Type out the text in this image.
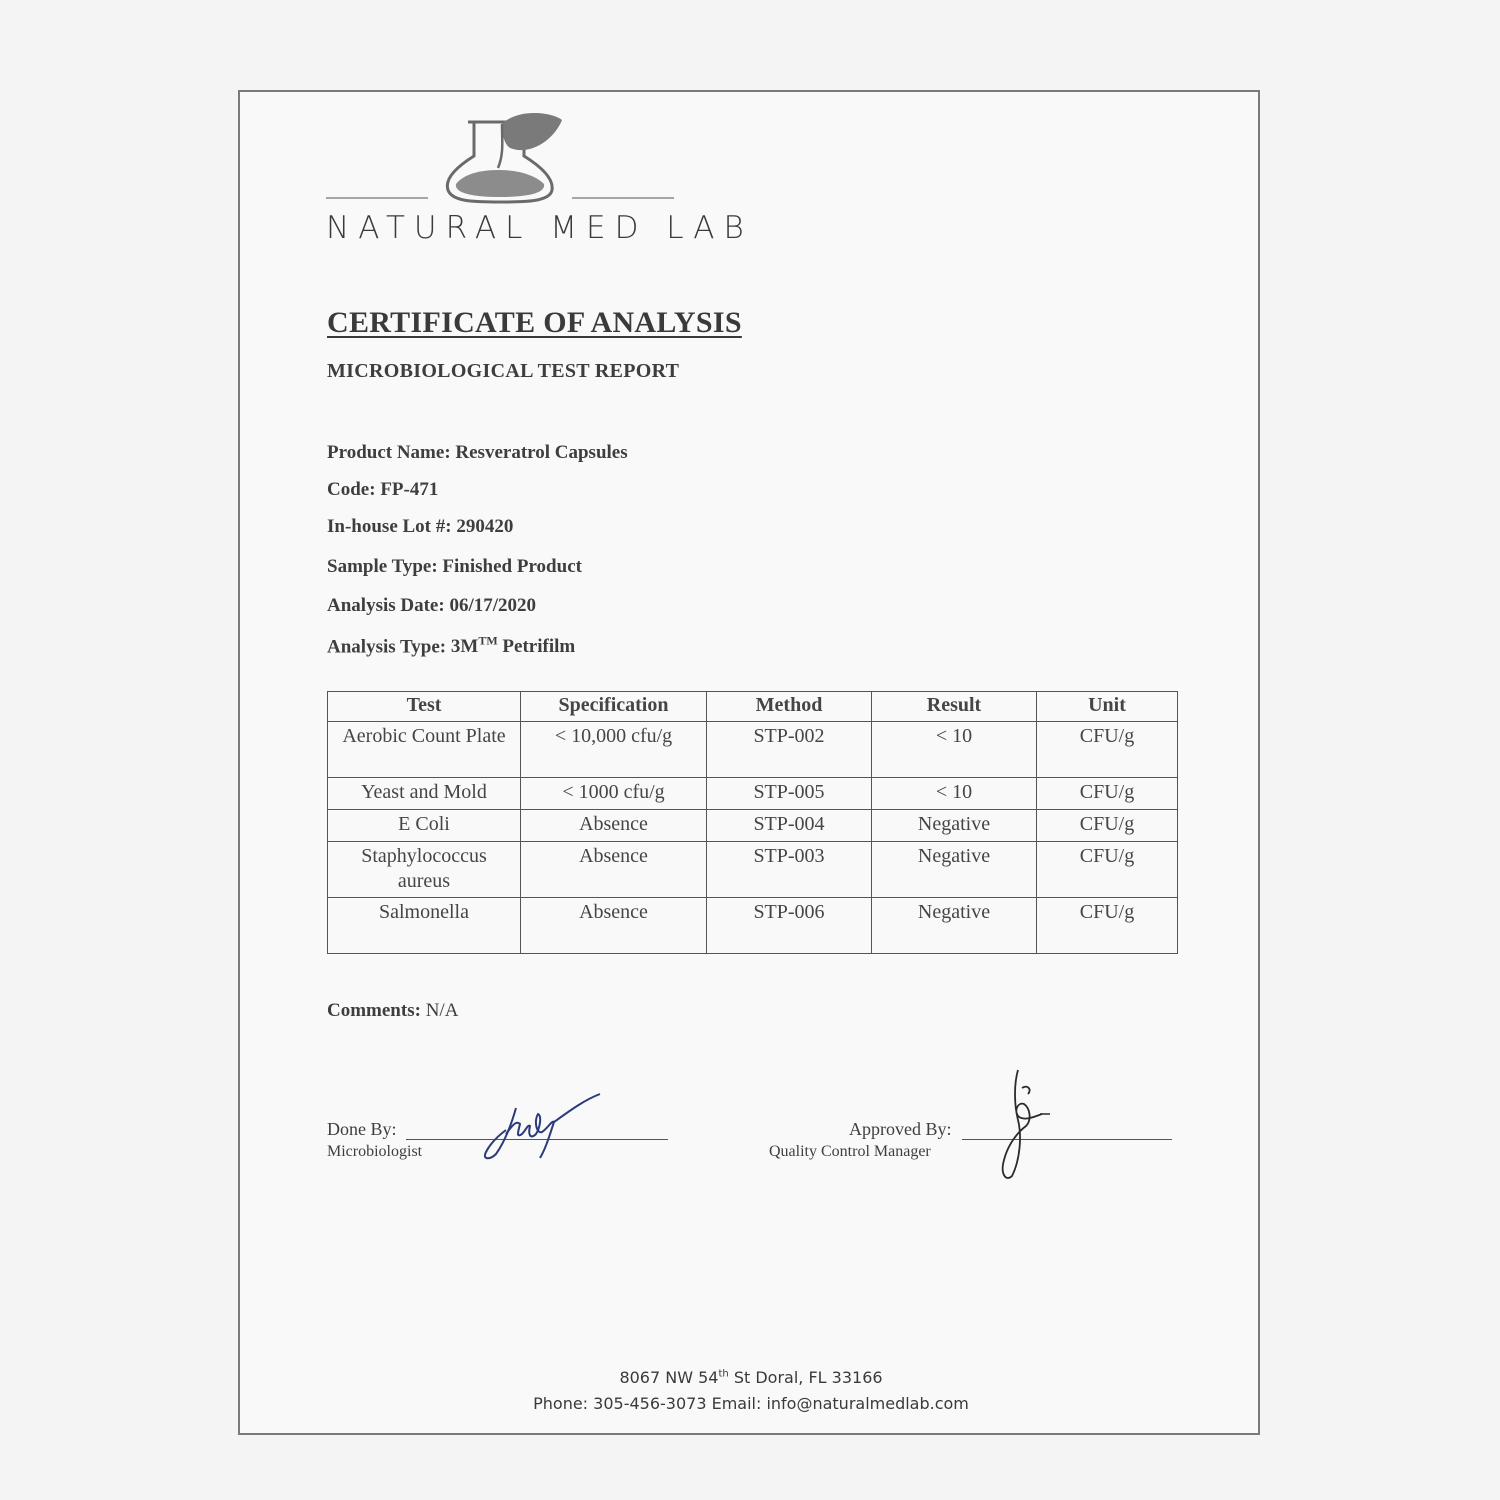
NATURAL MED LAB
CERTIFICATE OF ANALYSIS
MICROBIOLOGICAL TEST REPORT
Product Name: Resveratrol Capsules
Code: FP-471
In-house Lot #: 290420
Sample Type: Finished Product
Analysis Date: 06/17/2020
Analysis Type: 3M™ Petrifilm
Test	Specification	Method	Result	Unit
Aerobic Count Plate	< 10,000 cfu/g	STP-002	< 10	CFU/g
Yeast and Mold	< 1000 cfu/g	STP-005	< 10	CFU/g
E Coli	Absence	STP-004	Negative	CFU/g
Staphylococcus aureus	Absence	STP-003	Negative	CFU/g
Salmonella	Absence	STP-006	Negative	CFU/g
Comments: N/A
Done By:
Microbiologist
Approved By:
Quality Control Manager
8067 NW 54th St Doral, FL 33166
Phone: 305-456-3073 Email: info@naturalmedlab.com
